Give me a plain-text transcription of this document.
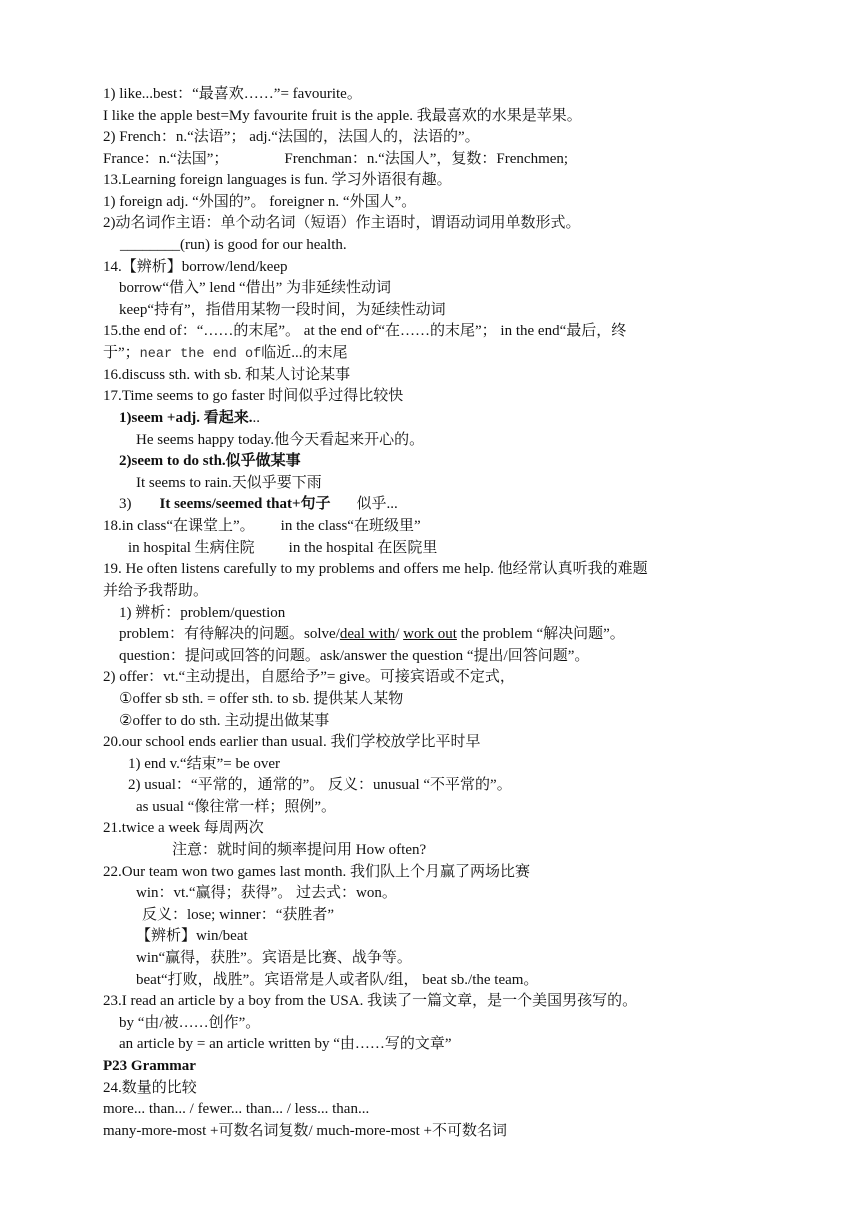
1) like...best：“最喜欢……”= favourite。
I like the apple best=My favourite fruit is the apple. 我最喜欢的水果是苹果。
2) French：n.“法语”； adj.“法国的，法国人的，法语的”。
France：n.“法国”；	Frenchman：n.“法国人”，复数：Frenchmen;
13.Learning foreign languages is fun. 学习外语很有趣。
1) foreign adj. “外国的”。 foreigner n. “外国人”。
2)动名词作主语：单个动名词（短语）作主语时，谓语动词用单数形式。
________(run) is good for our health.
14.【辨析】borrow/lend/keep
borrow“借入” lend “借出” 为非延续性动词
keep“持有”，指借用某物一段时间，为延续性动词
15.the end of：“……的末尾”。 at the end of“在……的末尾”； in the end“最后，终
于”；near the end of临近...的末尾
16.discuss sth. with sb. 和某人讨论某事
17.Time seems to go faster 时间似乎过得比较快
1)seem +adj. 看起来...
He seems happy today.他今天看起来开心的。
2)seem to do sth.似乎做某事
It seems to rain.天似乎要下雨
3) It seems/seemed that+句子 似乎...
18.in class“在课堂上”。 in the class“在班级里”
in hospital 生病住院 in the hospital 在医院里
19. He often listens carefully to my problems and offers me help. 他经常认真听我的难题
并给予我帮助。
1) 辨析：problem/question
problem：有待解决的问题。solve/deal with/ work out the problem “解决问题”。
question：提问或回答的问题。ask/answer the question “提出/回答问题”。
2) offer：vt.“主动提出，自愿给予”= give。可接宾语或不定式，
①offer sb sth. = offer sth. to sb. 提供某人某物
②offer to do sth. 主动提出做某事
20.our school ends earlier than usual. 我们学校放学比平时早
1) end v.“结束”= be over
2) usual：“平常的，通常的”。 反义：unusual “不平常的”。
as usual “像往常一样；照例”。
21.twice a week 每周两次
注意：就时间的频率提问用 How often?
22.Our team won two games last month. 我们队上个月赢了两场比赛
win：vt.“赢得；获得”。 过去式：won。
反义：lose; winner：“获胜者”
【辨析】win/beat
win“赢得，获胜”。宾语是比赛、战争等。
beat“打败，战胜”。宾语常是人或者队/组， beat sb./the team。
23.I read an article by a boy from the USA. 我读了一篇文章，是一个美国男孩写的。
by “由/被……创作”。
an article by = an article written by “由……写的文章”
P23 Grammar
24.数量的比较
more... than... / fewer... than... / less... than...
many-more-most +可数名词复数/ much-more-most +不可数名词
